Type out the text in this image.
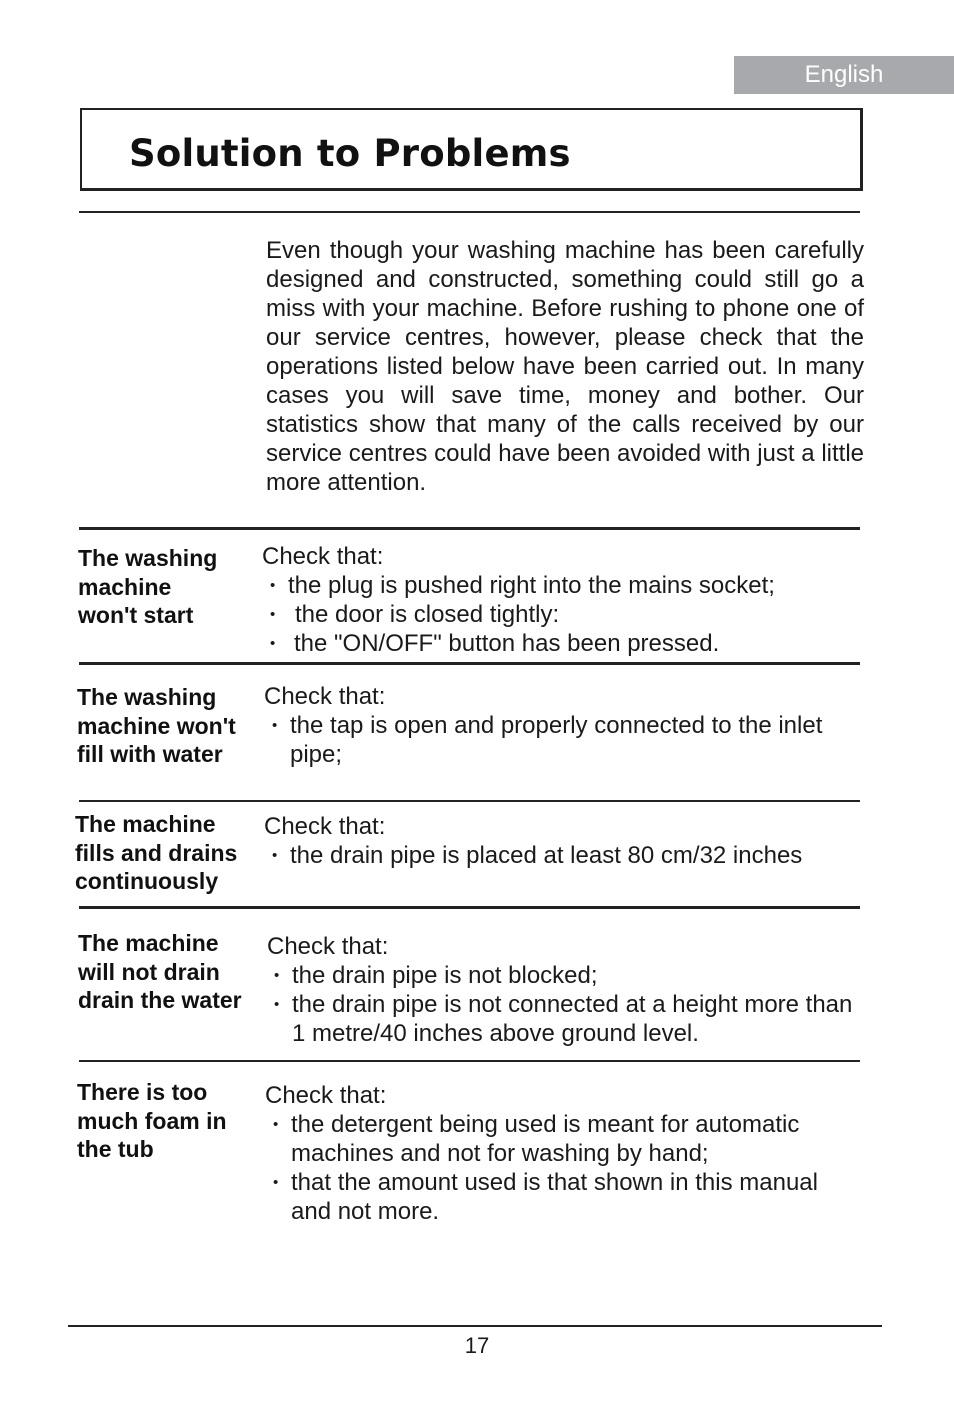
English
Solution to Problems

Even though your washing machine has been carefully designed and constructed, something could still go a miss with your machine. Before rushing to phone one of our service centres, however, please check that the operations listed below have been carried out. In many cases you will save time, money and bother. Our statistics show that many of the calls received by our service centres could have been avoided with just a little more attention.

The washing
machine
won't start

Check that:

• the plug is pushed right into the mains socket;
• the door is closed tightly:
• the "ON/OFF" button has been pressed.

The washing
machine won't
fill with water

Check that:

• the tap is open and properly connected to the inlet pipe;

The machine
fills and drains
continuously

Check that:

• the drain pipe is placed at least 80 cm/32 inches

The machine
will not drain
drain the water

Check that:

• the drain pipe is not blocked;
• the drain pipe is not connected at a height more than 1 metre/40 inches above ground level.

There is too
much foam in
the tub

Check that:

• the detergent being used is meant for automatic machines and not for washing by hand;
• that the amount used is that shown in this manual and not more.
17
